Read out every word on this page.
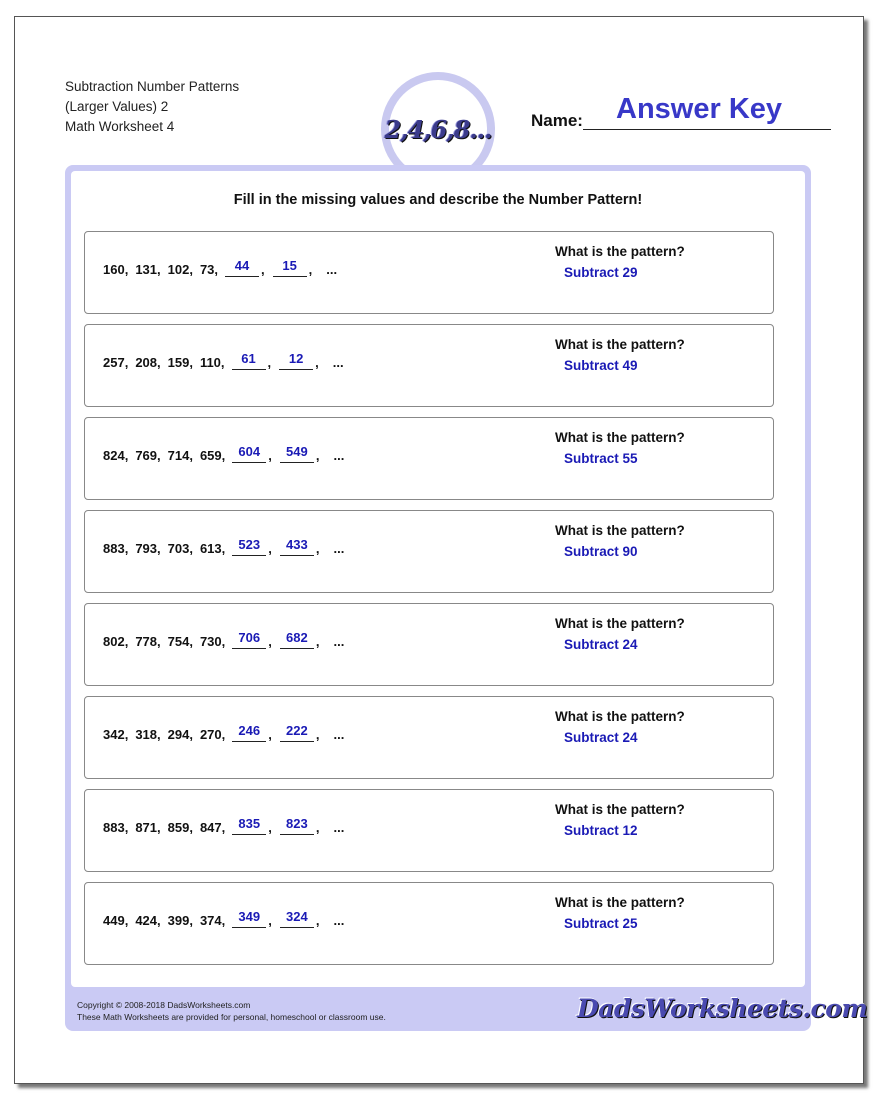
Subtraction Number Patterns
(Larger Values) 2
Math Worksheet 4	2,4,6,8... Name: Answer Key
Fill in the missing values and describe the Number Pattern!
160, 131, 102, 73,	44 ,	15 , ...
What is the pattern?
Subtract 29
257, 208, 159, 110,	61 ,	12 , ...
What is the pattern?
Subtract 49
824, 769, 714, 659,	604 ,	549 , ...
What is the pattern?
Subtract 55
883, 793, 703, 613,	523 ,	433 , ...
What is the pattern?
Subtract 90
802, 778, 754, 730,	706 ,	682 , ...
What is the pattern?
Subtract 24
342, 318, 294, 270,	246 ,	222 , ...
What is the pattern?
Subtract 24
883, 871, 859, 847,	835 ,	823 , ...
What is the pattern?
Subtract 12
449, 424, 399, 374,	349 ,	324 , ...
What is the pattern?
Subtract 25
Copyright © 2008-2018 DadsWorksheets.com
These Math Worksheets are provided for personal, homeschool or classroom use.	DadsWorksheets.com
